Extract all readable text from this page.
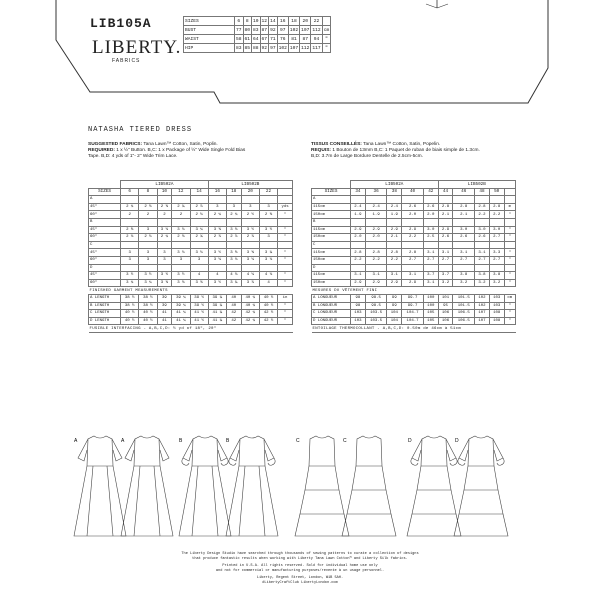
LIB105A
LIBERTY.
FABRICS
SIZES	6	8	10	12	14	16	18	20	22	
BUST	77	80	83	87	92	97	102	107	112	cm
WAIST	58	61	64	67	71	76	81	87	94	"
HIP	83	85	88	92	97	102	107	112	117	"
NATASHA TIERED DRESS
SUGGESTED FABRICS: Tana Lawn™ Cotton, Satin, Poplin.
REQUIRED: 1 x ½" Button. B,C: 1 x Package of ½" Wide Single Fold Bias
Tape. B,D: 4 yds of 1"- 2" Wide Trim Lace.
TISSUS CONSEILLÉS: Tana Lawn™ Cotton, Satin, Popelin.
REQUIS: 1 Bouton de 13mm B,C: 1 Paquet de ruban de biais simple de 1.3cm.
B,D: 3.7m de Large Bordure Dentelle de 2.5cm-5cm.
	LIB502A					LIB502B				
SIZES	6	8	10	12	14	16	18	20	22	
A										
45"	2 ¼	2 ⅜	2 ⅜	2 ¾	2 ⅞	3	3	3	3	yds
60"	2	2	2	2	2 ⅛	2 ¼	2 ¼	2 ½	2 ⅝	"
B										
45"	2 ⅝	3	3 ⅛	3 ⅛	3 ¼	3 ⅜	3 ⅜	3 ½	3 ½	"
60"	2 ⅛	2 ⅛	2 ¼	2 ⅜	2 ¾	2 ⅞	2 ⅞	2 ⅞	3	"
C										
45"	3	3	3	3 ⅛	3 ⅛	3 ½	3 ⅝	3 ⅝	3 ¾	"
60"	3	3	3	3	3	3 ⅛	3 ⅛	3 ⅛	3 ⅛	"
D										
45"	3 ½	3 ½	3 ½	3 ½	4	4	4 ⅛	4 ⅛	4 ⅛	"
60"	3 ¼	3 ¼	3 ⅜	3 ⅜	3 ⅜	3 ½	3 ¾	3 ⅞	4	"
FINISHED GARMENT MEASUREMENTS										
A LENGTH	38 ½	38 ½	39	39 ¼	39 ½	39 ¾	40	40 ¼	40 ½	in
B LENGTH	38 ½	38 ½	39	39 ¼	39 ½	39 ¾	40	40 ¼	40 ½	"
C LENGTH	40 ½	40 ½	41	41 ¼	41 ½	41 ¾	42	42 ¼	42 ½	"
D LENGTH	40 ½	40 ½	41	41 ¼	41 ½	41 ¾	42	42 ¼	42 ½	"
FUSIBLE INTERFACING - A,B,C,D: ½ yd of 18", 20"										
	LIB502A					LIB502B				
SIZES	34	36	38	40	42	44	46	48	50	
A										
115cm	2.4	2.4	2.4	2.6	2.6	2.8	2.8	2.8	2.8	m
150cm	1.9	1.9	1.9	2.0	2.0	2.1	2.1	2.2	2.2	"
B										
115cm	2.9	2.9	2.9	2.9	3.0	2.9	3.0	3.0	3.0	"
150cm	2.0	2.0	2.1	2.2	2.5	2.6	2.6	2.6	2.7	"
C										
115cm	2.8	2.8	2.8	2.8	3.1	3.1	3.1	3.1	3.3	"
150cm	2.2	2.2	2.2	2.7	2.7	2.7	2.7	2.7	2.7	"
D										
115cm	3.1	3.1	3.1	3.1	3.7	3.7	3.8	3.8	3.8	"
150cm	2.9	2.9	2.9	2.9	3.1	3.2	3.2	3.2	3.2	"
MESURES DU VÊTEMENT FINI										
A LONGUEUR	98	98.5	99	99.7	100	101	101.5	102	103	cm
B LONGUEUR	98	98.5	99	99.7	100	95	101.5	102	103	"
C LONGUEUR	103	103.5	104	104.7	105	106	106.5	107	108	"
D LONGUEUR	103	103.5	104	104.7	105	106	106.5	107	108	"
ENTOILAGE THERMOCOLLANT - A,B,C,D: 0.50m de 46cm à 51cm										
A	A	B	B	C	C	D	D
The Liberty Design Studio have searched through thousands of sewing patterns to curate a collection of designs
that produce fantastic results when working with Liberty Tana Lawn Cotton™ and Liberty Silk fabrics.
Printed in U.S.A. All rights reserved. Sold for individual home use only
and not for commercial or manufacturing purposes/revente à un usage personnel.
Liberty, Regent Street, London, W1B 5AH.
#LibertyCraftClub LibertyLondon.com
